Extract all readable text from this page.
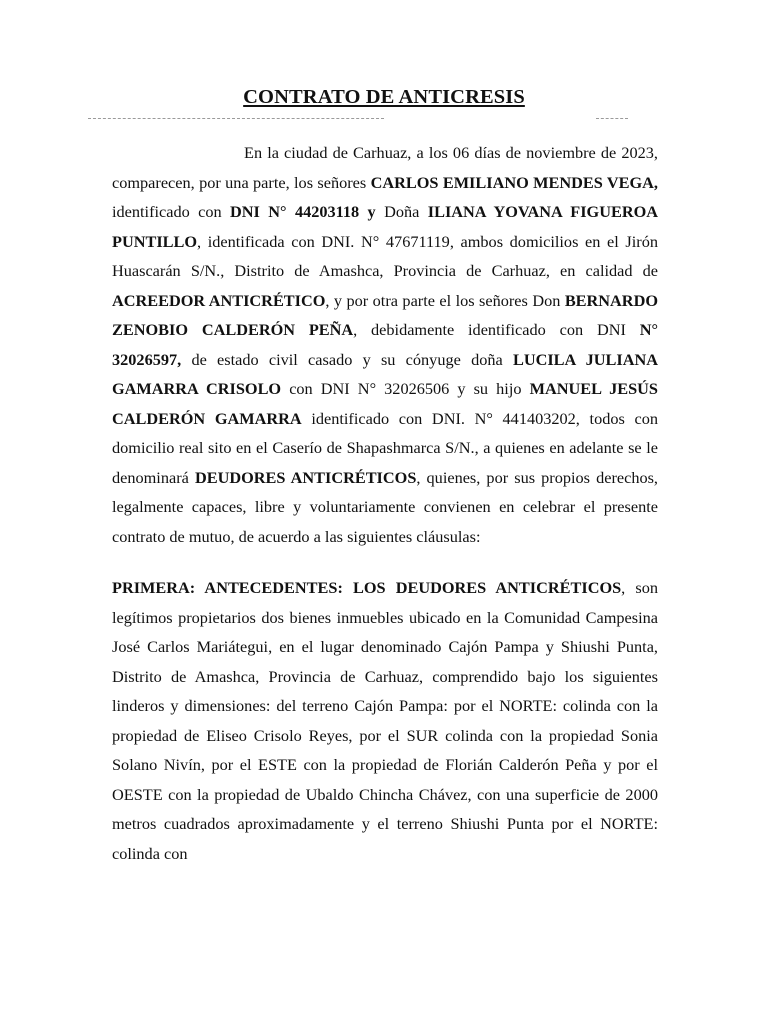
CONTRATO DE ANTICRESIS

En la ciudad de Carhuaz, a los 06 días de noviembre de 2023, comparecen, por una parte, los señores CARLOS EMILIANO MENDES VEGA, identificado con DNI N° 44203118 y Doña ILIANA YOVANA FIGUEROA PUNTILLO, identificada con DNI. N° 47671119, ambos domicilios en el Jirón Huascarán S/N., Distrito de Amashca, Provincia de Carhuaz, en calidad de ACREEDOR ANTICRÉTICO, y por otra parte el los señores Don BERNARDO ZENOBIO CALDERÓN PEÑA, debidamente identificado con DNI N° 32026597, de estado civil casado y su cónyuge doña LUCILA JULIANA GAMARRA CRISOLO con DNI N° 32026506 y su hijo MANUEL JESÚS CALDERÓN GAMARRA identificado con DNI. N° 441403202, todos con domicilio real sito en el Caserío de Shapashmarca S/N., a quienes en adelante se le denominará DEUDORES ANTICRÉTICOS, quienes, por sus propios derechos, legalmente capaces, libre y voluntariamente convienen en celebrar el presente contrato de mutuo, de acuerdo a las siguientes cláusulas:

PRIMERA: ANTECEDENTES: LOS DEUDORES ANTICRÉTICOS, son legítimos propietarios dos bienes inmuebles ubicado en la Comunidad Campesina José Carlos Mariátegui, en el lugar denominado Cajón Pampa y Shiushi Punta, Distrito de Amashca, Provincia de Carhuaz, comprendido bajo los siguientes linderos y dimensiones: del terreno Cajón Pampa: por el NORTE: colinda con la propiedad de Eliseo Crisolo Reyes, por el SUR colinda con la propiedad Sonia Solano Nivín, por el ESTE con la propiedad de Florián Calderón Peña y por el OESTE con la propiedad de Ubaldo Chincha Chávez, con una superficie de 2000 metros cuadrados aproximadamente y el terreno Shiushi Punta por el NORTE: colinda con
